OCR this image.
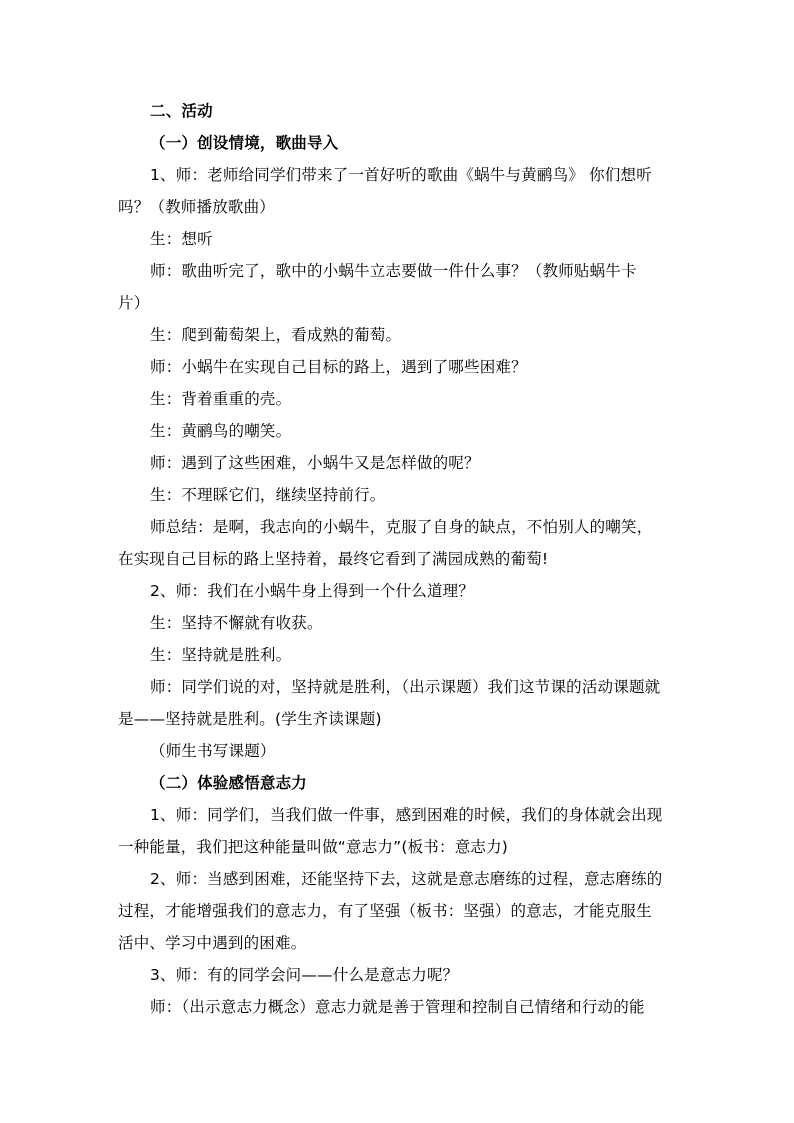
二、活动
（一）创设情境，歌曲导入
1、师：老师给同学们带来了一首好听的歌曲《蜗牛与黄鹂鸟》 你们想听
吗？（教师播放歌曲）
生：想听
师：歌曲听完了，歌中的小蜗牛立志要做一件什么事？（教师贴蜗牛卡
片）
生：爬到葡萄架上，看成熟的葡萄。
师：小蜗牛在实现自己目标的路上，遇到了哪些困难？
生：背着重重的壳。
生：黄鹂鸟的嘲笑。
师：遇到了这些困难，小蜗牛又是怎样做的呢？
生：不理睬它们，继续坚持前行。
师总结：是啊，我志向的小蜗牛，克服了自身的缺点，不怕别人的嘲笑，
在实现自己目标的路上坚持着，最终它看到了满园成熟的葡萄!
2、师：我们在小蜗牛身上得到一个什么道理？
生：坚持不懈就有收获。
生：坚持就是胜利。
师：同学们说的对，坚持就是胜利，（出示课题）我们这节课的活动课题就
是——坚持就是胜利。(学生齐读课题)
（师生书写课题）
（二）体验感悟意志力
1、师：同学们，当我们做一件事，感到困难的时候，我们的身体就会出现
一种能量，我们把这种能量叫做“意志力”(板书：意志力)
2、师：当感到困难，还能坚持下去，这就是意志磨练的过程，意志磨练的
过程，才能增强我们的意志力，有了坚强（板书：坚强）的意志，才能克服生
活中、学习中遇到的困难。
3、师：有的同学会问——什么是意志力呢？
师：（出示意志力概念）意志力就是善于管理和控制自己情绪和行动的能
